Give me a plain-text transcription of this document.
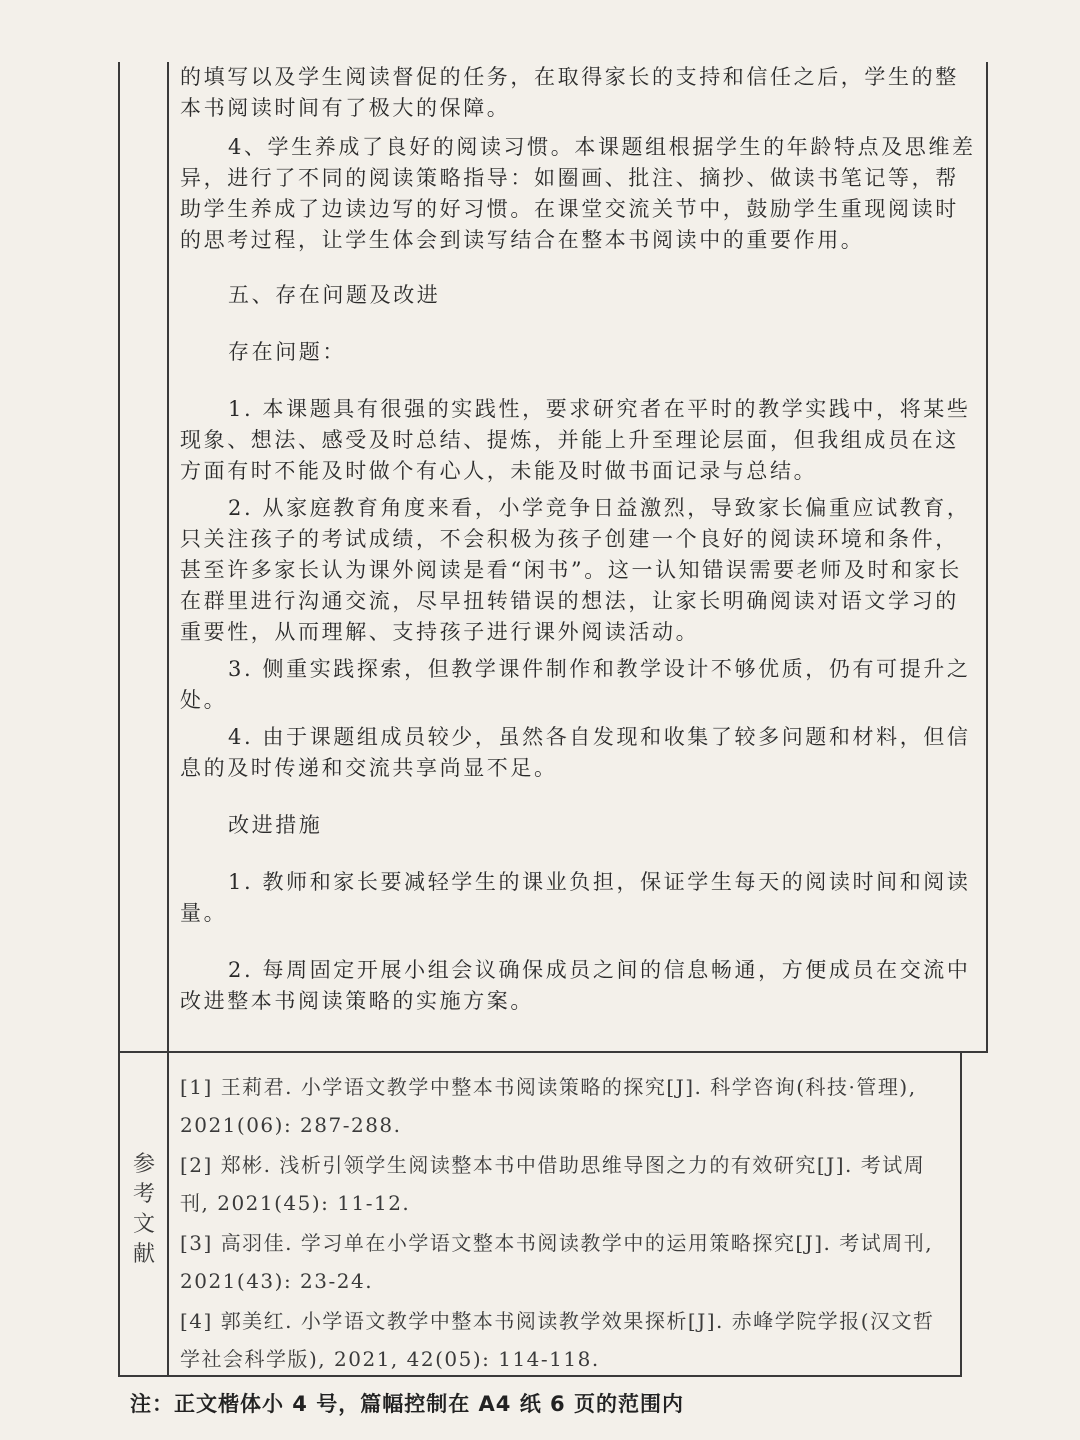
的填写以及学生阅读督促的任务，在取得家长的支持和信任之后，学生的整本书阅读时间有了极大的保障。

4、学生养成了良好的阅读习惯。本课题组根据学生的年龄特点及思维差异，进行了不同的阅读策略指导：如圈画、批注、摘抄、做读书笔记等，帮助学生养成了边读边写的好习惯。在课堂交流关节中，鼓励学生重现阅读时的思考过程，让学生体会到读写结合在整本书阅读中的重要作用。

五、存在问题及改进

存在问题：

1. 本课题具有很强的实践性，要求研究者在平时的教学实践中，将某些现象、想法、感受及时总结、提炼，并能上升至理论层面，但我组成员在这方面有时不能及时做个有心人，未能及时做书面记录与总结。

2. 从家庭教育角度来看，小学竞争日益激烈，导致家长偏重应试教育，只关注孩子的考试成绩，不会积极为孩子创建一个良好的阅读环境和条件，甚至许多家长认为课外阅读是看“闲书”。这一认知错误需要老师及时和家长在群里进行沟通交流，尽早扭转错误的想法，让家长明确阅读对语文学习的重要性，从而理解、支持孩子进行课外阅读活动。

3. 侧重实践探索，但教学课件制作和教学设计不够优质，仍有可提升之处。

4. 由于课题组成员较少，虽然各自发现和收集了较多问题和材料，但信息的及时传递和交流共享尚显不足。

改进措施

1. 教师和家长要减轻学生的课业负担，保证学生每天的阅读时间和阅读量。

2. 每周固定开展小组会议确保成员之间的信息畅通，方便成员在交流中改进整本书阅读策略的实施方案。

参
考
文
献

[1] 王莉君. 小学语文教学中整本书阅读策略的探究[J]. 科学咨询(科技·管理), 2021(06): 287-288.

[2] 郑彬. 浅析引领学生阅读整本书中借助思维导图之力的有效研究[J]. 考试周刊, 2021(45): 11-12.

[3] 高羽佳. 学习单在小学语文整本书阅读教学中的运用策略探究[J]. 考试周刊, 2021(43): 23-24.

[4] 郭美红. 小学语文教学中整本书阅读教学效果探析[J]. 赤峰学院学报(汉文哲学社会科学版), 2021, 42(05): 114-118.

注：正文楷体小 4 号，篇幅控制在 A4 纸 6 页的范围内
